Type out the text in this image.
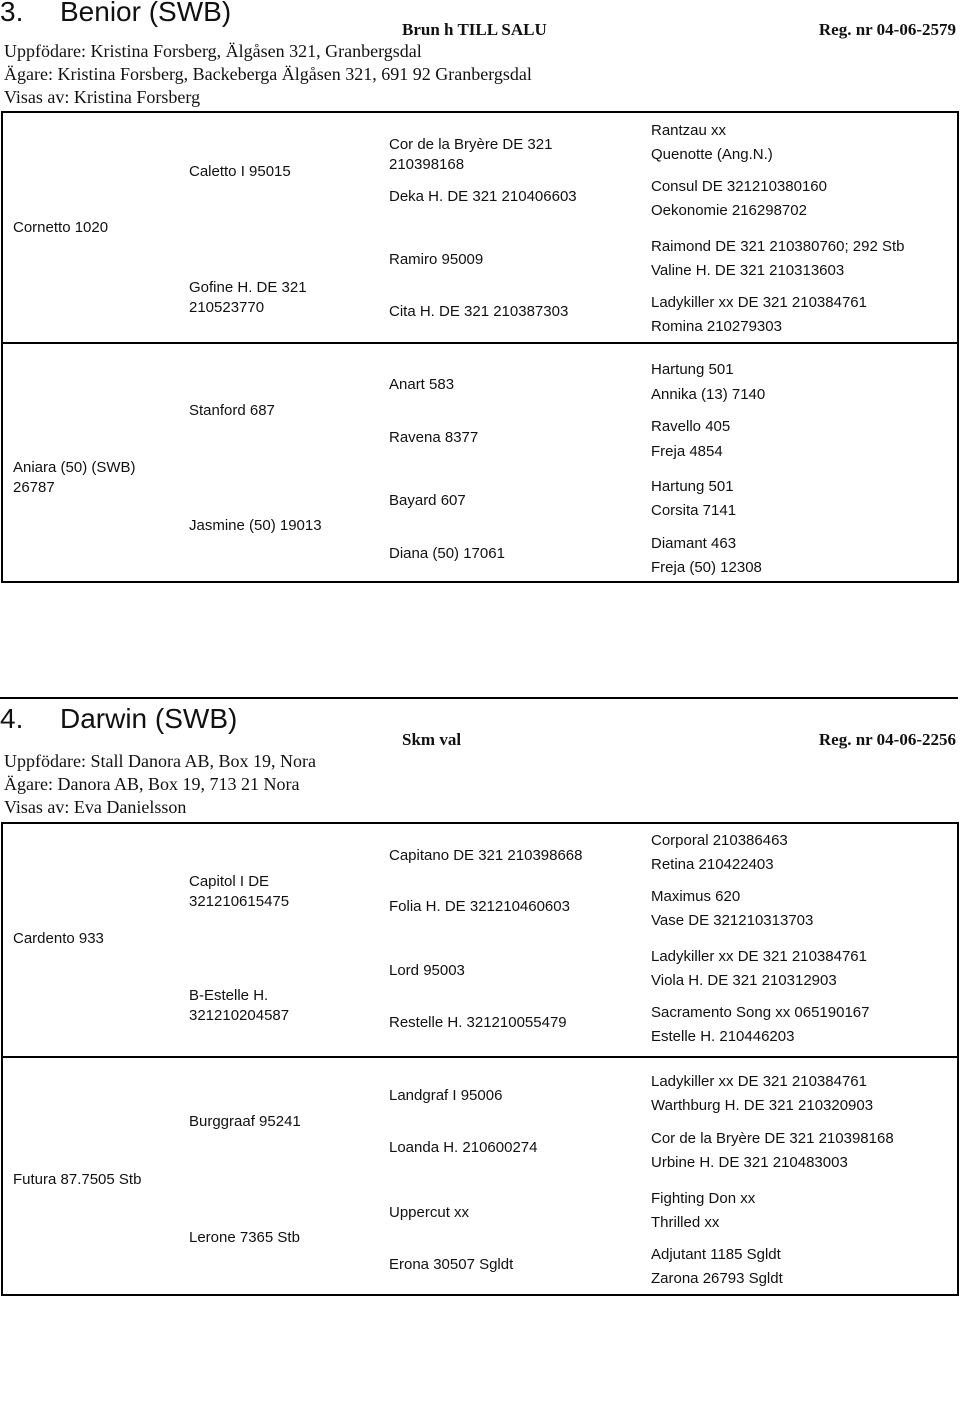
3. Benior (SWB)
Brun h TILL SALU	Reg. nr 04-06-2579
Uppfödare: Kristina Forsberg, Älgåsen 321, Granbergsdal
Ägare: Kristina Forsberg, Backeberga Älgåsen 321, 691 92 Granbergsdal
Visas av: Kristina Forsberg
Cornetto 1020
Caletto I 95015
Gofine H. DE 321 210523770
Cor de la Bryère DE 321 210398168
Deka H. DE 321 210406603
Ramiro 95009
Cita H. DE 321 210387303
Rantzau xx
Quenotte (Ang.N.)
Consul DE 321210380160
Oekonomie 216298702
Raimond DE 321 210380760; 292 Stb
Valine H. DE 321 210313603
Ladykiller xx DE 321 210384761
Romina 210279303
Aniara (50) (SWB) 26787
Stanford 687
Jasmine (50) 19013
Anart 583
Ravena 8377
Bayard 607
Diana (50) 17061
Hartung 501
Annika (13) 7140
Ravello 405
Freja 4854
Hartung 501
Corsita 7141
Diamant 463
Freja (50) 12308
4. Darwin (SWB)
Skm val	Reg. nr 04-06-2256
Uppfödare: Stall Danora AB, Box 19, Nora
Ägare: Danora AB, Box 19, 713 21 Nora
Visas av: Eva Danielsson
Cardento 933
Capitol I DE 321210615475
B-Estelle H. 321210204587
Capitano DE 321 210398668
Folia H. DE 321210460603
Lord 95003
Restelle H. 321210055479
Corporal 210386463
Retina 210422403
Maximus 620
Vase DE 321210313703
Ladykiller xx DE 321 210384761
Viola H. DE 321 210312903
Sacramento Song xx 065190167
Estelle H. 210446203
Futura 87.7505 Stb
Burggraaf 95241
Lerone 7365 Stb
Landgraf I 95006
Loanda H. 210600274
Uppercut xx
Erona 30507 Sgldt
Ladykiller xx DE 321 210384761
Warthburg H. DE 321 210320903
Cor de la Bryère DE 321 210398168
Urbine H. DE 321 210483003
Fighting Don xx
Thrilled xx
Adjutant 1185 Sgldt
Zarona 26793 Sgldt
